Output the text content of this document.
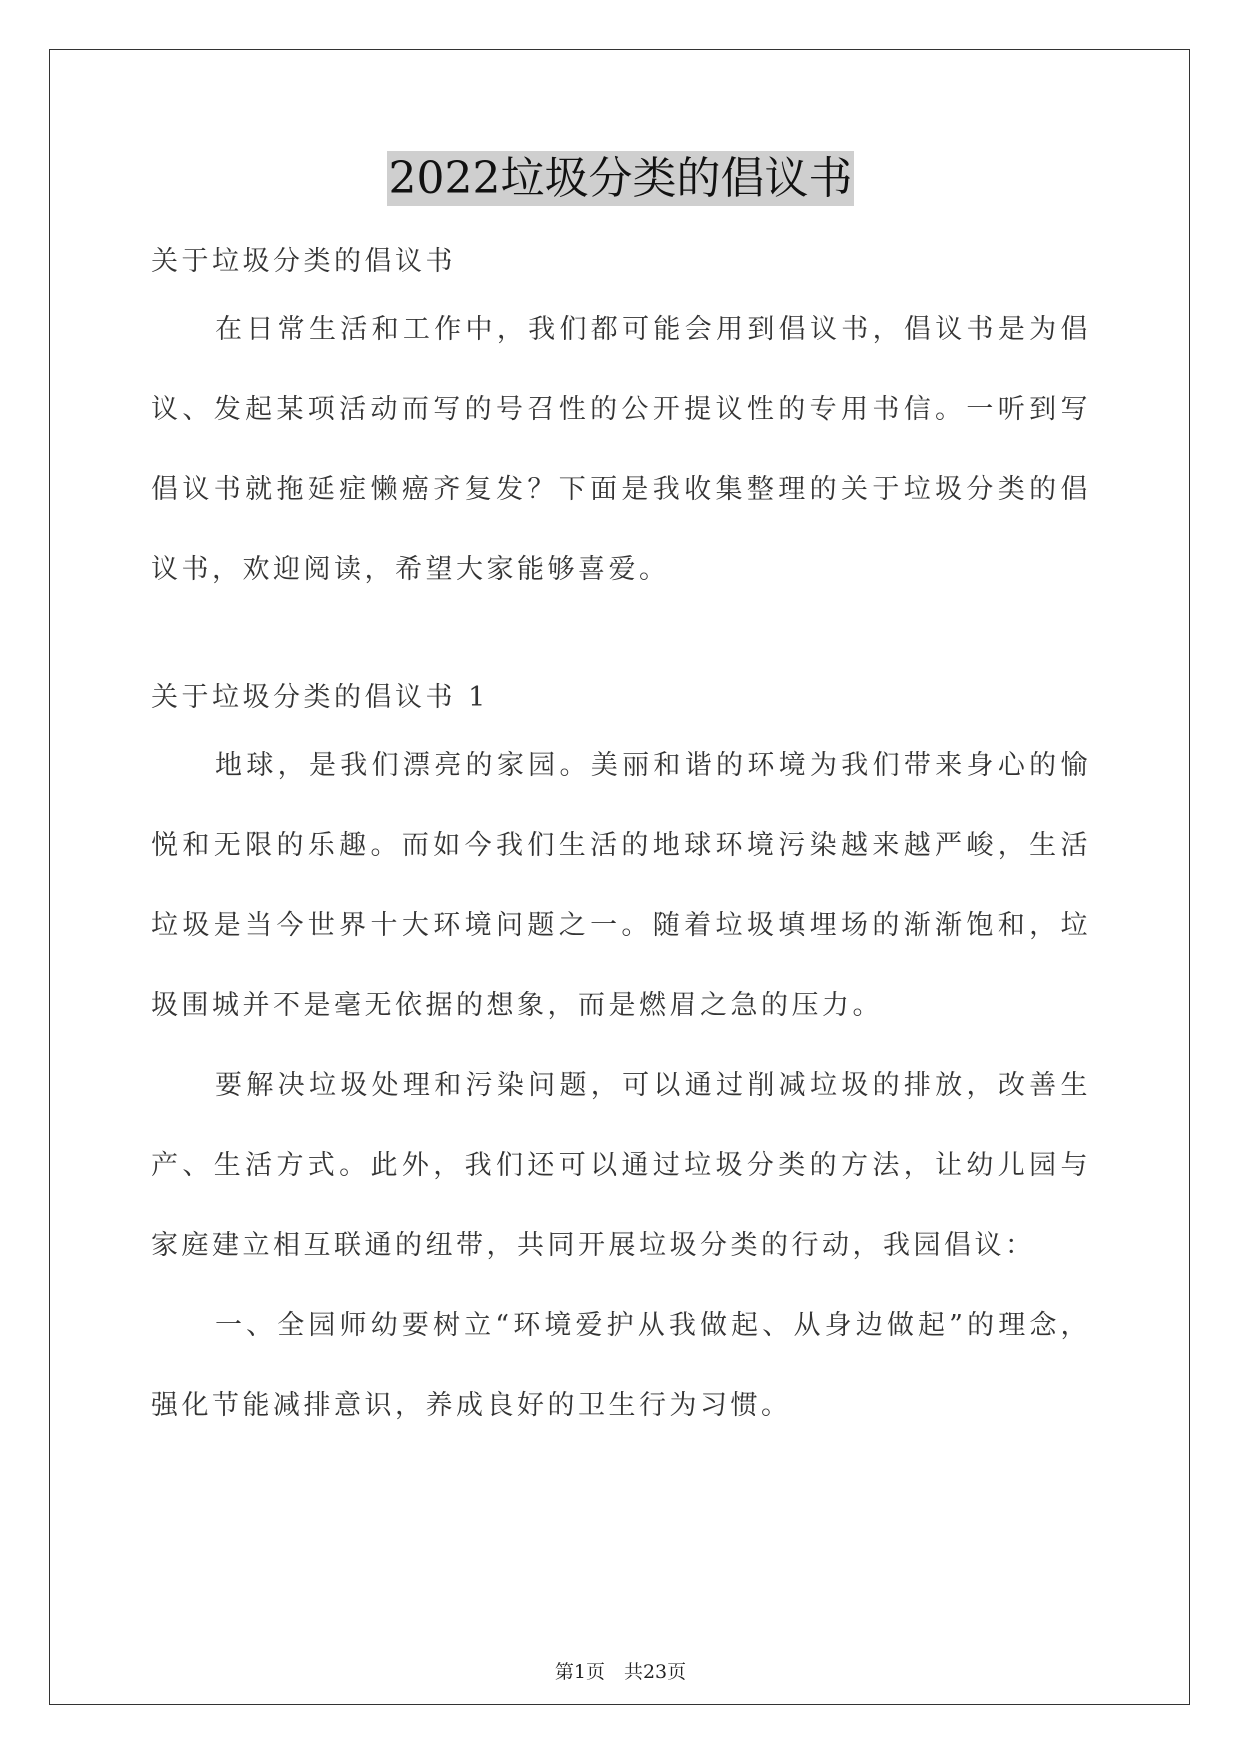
2022垃圾分类的倡议书
关于垃圾分类的倡议书

在日常生活和工作中，我们都可能会用到倡议书，倡议书是为倡议、发起某项活动而写的号召性的公开提议性的专用书信。一听到写倡议书就拖延症懒癌齐复发？下面是我收集整理的关于垃圾分类的倡议书，欢迎阅读，希望大家能够喜爱。

关于垃圾分类的倡议书 1

地球，是我们漂亮的家园。美丽和谐的环境为我们带来身心的愉悦和无限的乐趣。而如今我们生活的地球环境污染越来越严峻，生活垃圾是当今世界十大环境问题之一。随着垃圾填埋场的渐渐饱和，垃圾围城并不是毫无依据的想象，而是燃眉之急的压力。

要解决垃圾处理和污染问题，可以通过削减垃圾的排放，改善生产、生活方式。此外，我们还可以通过垃圾分类的方法，让幼儿园与家庭建立相互联通的纽带，共同开展垃圾分类的行动，我园倡议：

一、全园师幼要树立“环境爱护从我做起、从身边做起”的理念，强化节能减排意识，养成良好的卫生行为习惯。

第1页　共23页
